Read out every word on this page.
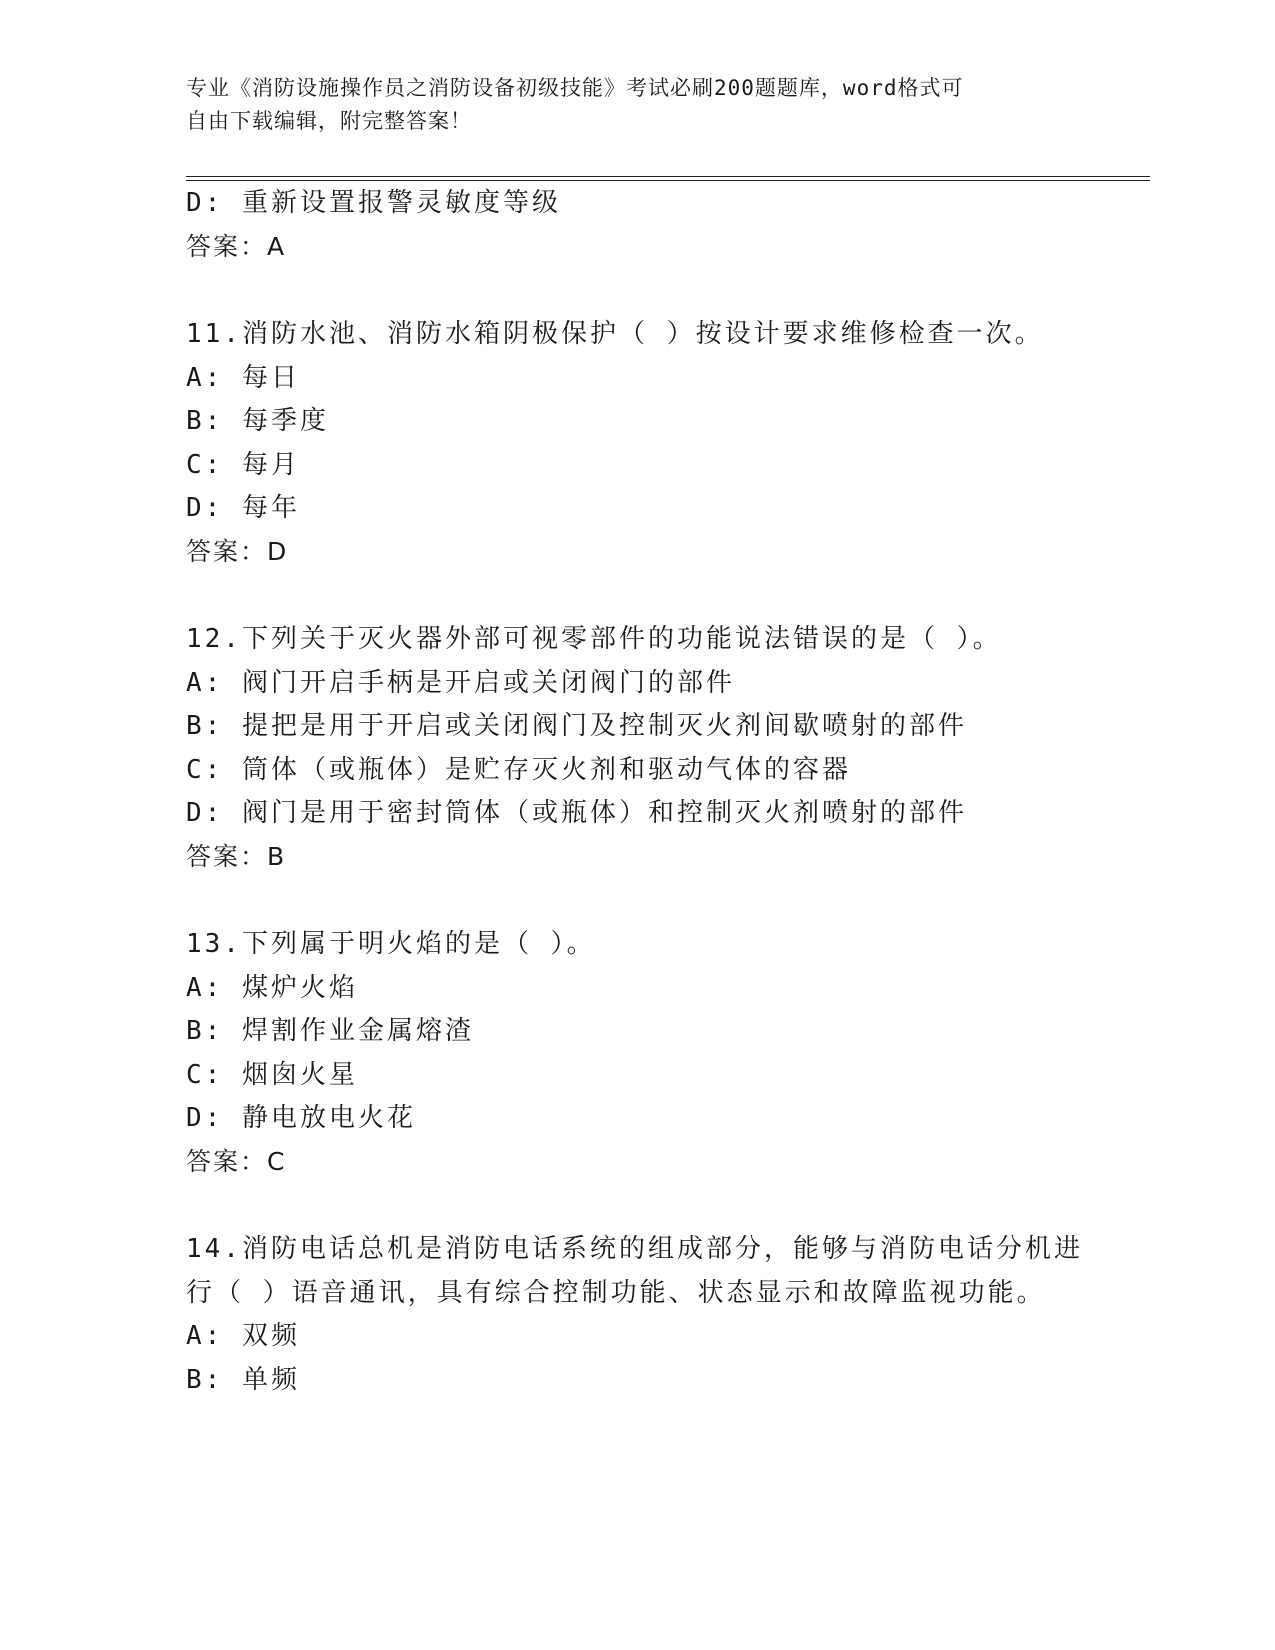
专业《消防设施操作员之消防设备初级技能》考试必刷200题题库，word格式可
自由下载编辑，附完整答案！
D: 重新设置报警灵敏度等级
答案：A
11.消防水池、消防水箱阴极保护（ ）按设计要求维修检查一次。
A: 每日
B: 每季度
C: 每月
D: 每年
答案：D
12.下列关于灭火器外部可视零部件的功能说法错误的是（ ）。
A: 阀门开启手柄是开启或关闭阀门的部件
B: 提把是用于开启或关闭阀门及控制灭火剂间歇喷射的部件
C: 筒体（或瓶体）是贮存灭火剂和驱动气体的容器
D: 阀门是用于密封筒体（或瓶体）和控制灭火剂喷射的部件
答案：B
13.下列属于明火焰的是（ ）。
A: 煤炉火焰
B: 焊割作业金属熔渣
C: 烟囱火星
D: 静电放电火花
答案：C
14.消防电话总机是消防电话系统的组成部分，能够与消防电话分机进
行（ ）语音通讯，具有综合控制功能、状态显示和故障监视功能。
A: 双频
B: 单频
